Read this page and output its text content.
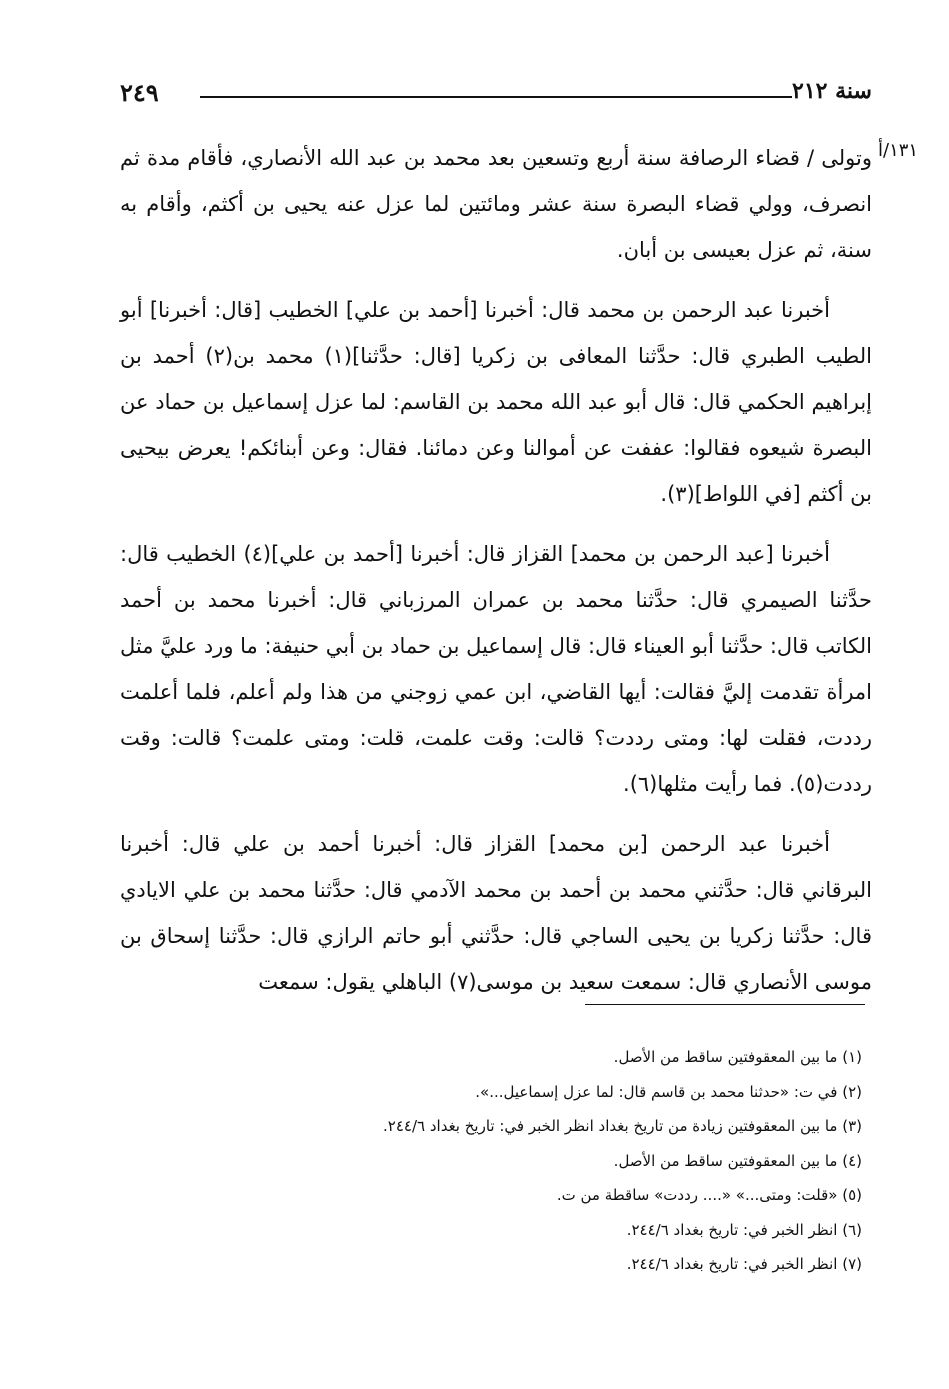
سنة ٢١٢
٢٤٩
١٣١/أ

وتولى / قضاء الرصافة سنة أربع وتسعين بعد محمد بن عبد الله الأنصاري، فأقام مدة ثم انصرف، وولي قضاء البصرة سنة عشر ومائتين لما عزل عنه يحيى بن أكثم، وأقام به سنة، ثم عزل بعيسى بن أبان.

أخبرنا عبد الرحمن بن محمد قال: أخبرنا [أحمد بن علي] الخطيب [قال: أخبرنا] أبو الطيب الطبري قال: حدَّثنا المعافى بن زكريا [قال: حدَّثنا](١) محمد بن(٢) أحمد بن إبراهيم الحكمي قال: قال أبو عبد الله محمد بن القاسم: لما عزل إسماعيل بن حماد عن البصرة شيعوه فقالوا: عففت عن أموالنا وعن دمائنا. فقال: وعن أبنائكم! يعرض بيحيى بن أكثم [في اللواط](٣).

أخبرنا [عبد الرحمن بن محمد] القزاز قال: أخبرنا [أحمد بن علي](٤) الخطيب قال: حدَّثنا الصيمري قال: حدَّثنا محمد بن عمران المرزباني قال: أخبرنا محمد بن أحمد الكاتب قال: حدَّثنا أبو العيناء قال: قال إسماعيل بن حماد بن أبي حنيفة: ما ورد عليَّ مثل امرأة تقدمت إليَّ فقالت: أيها القاضي، ابن عمي زوجني من هذا ولم أعلم، فلما أعلمت رددت، فقلت لها: ومتى رددت؟ قالت: وقت علمت، قلت: ومتى علمت؟ قالت: وقت رددت(٥). فما رأيت مثلها(٦).

أخبرنا عبد الرحمن [بن محمد] القزاز قال: أخبرنا أحمد بن علي قال: أخبرنا البرقاني قال: حدَّثني محمد بن أحمد بن محمد الآدمي قال: حدَّثنا محمد بن علي الايادي قال: حدَّثنا زكريا بن يحيى الساجي قال: حدَّثني أبو حاتم الرازي قال: حدَّثنا إسحاق بن موسى الأنصاري قال: سمعت سعيد بن موسى(٧) الباهلي يقول: سمعت

(١) ما بين المعقوفتين ساقط من الأصل.
(٢) في ت: «حدثنا محمد بن قاسم قال: لما عزل إسماعيل...».
(٣) ما بين المعقوفتين زيادة من تاريخ بغداد انظر الخبر في: تاريخ بغداد ٢٤٤/٦.
(٤) ما بين المعقوفتين ساقط من الأصل.
(٥) «قلت: ومتى...» «.... رددت» ساقطة من ت.
(٦) انظر الخبر في: تاريخ بغداد ٢٤٤/٦.
(٧) انظر الخبر في: تاريخ بغداد ٢٤٤/٦.
